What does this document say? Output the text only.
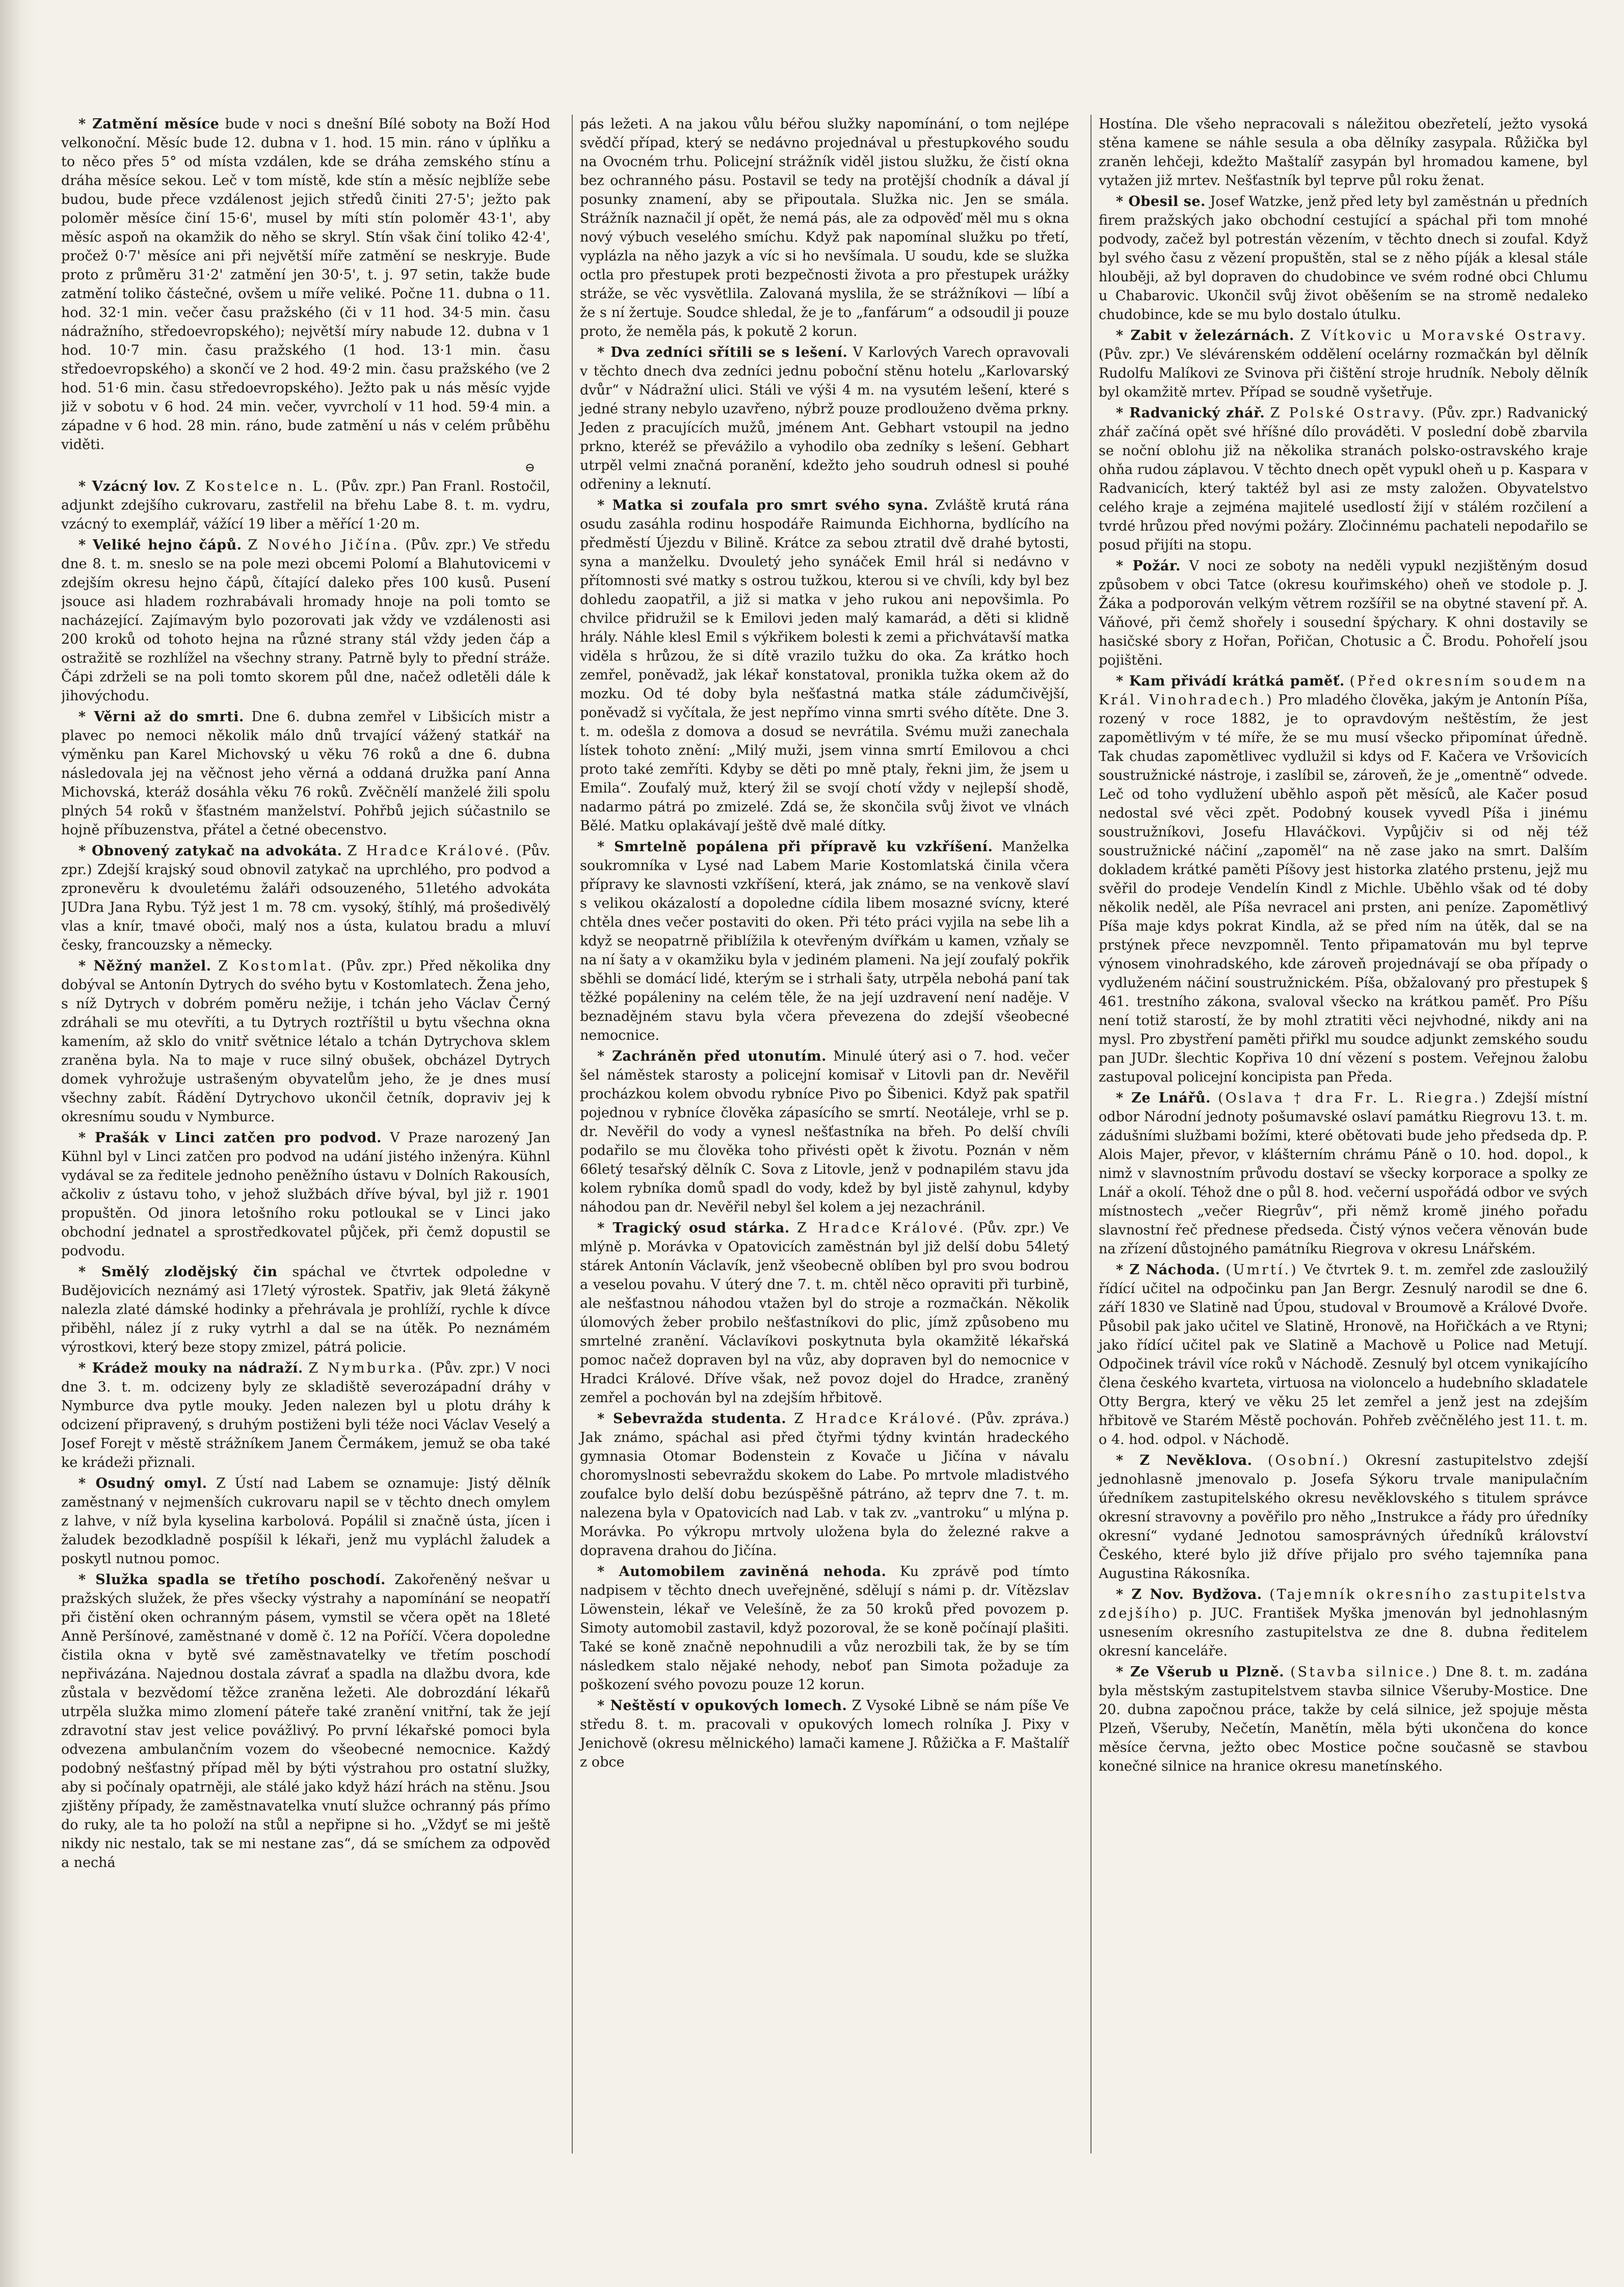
* Zatmění měsíce bude v noci s dnešní Bílé soboty na Boží Hod velkonoční. Měsíc bude 12. dubna v 1. hod. 15 min. ráno v úplňku a to něco přes 5° od místa vzdálen, kde se dráha zemského stínu a dráha měsíce sekou. Leč v tom místě, kde stín a měsíc nejblíže sebe budou, bude přece vzdálenost jejich středů činiti 27·5'; ježto pak poloměr měsíce činí 15·6', musel by míti stín poloměr 43·1', aby měsíc aspoň na okamžik do něho se skryl. Stín však činí toliko 42·4', pročež 0·7' měsíce ani při největší míře zatmění se neskryje. Bude proto z průměru 31·2' zatmění jen 30·5', t. j. 97 setin, takže bude zatmění toliko částečné, ovšem u míře veliké. Počne 11. dubna o 11. hod. 32·1 min. večer času pražského (či v 11 hod. 34·5 min. času nádražního, středoevropského); největší míry nabude 12. dubna v 1 hod. 10·7 min. času pražského (1 hod. 13·1 min. času středoevropského) a skončí ve 2 hod. 49·2 min. času pražského (ve 2 hod. 51·6 min. času středoevropského). Ježto pak u nás měsíc vyjde již v sobotu v 6 hod. 24 min. večer, vyvrcholí v 11 hod. 59·4 min. a západne v 6 hod. 28 min. ráno, bude zatmění u nás v celém průběhu viděti.

⊖

* Vzácný lov. Z Kostelce n. L. (Pův. zpr.) Pan Franl. Rostočil, adjunkt zdejšího cukrovaru, zastřelil na břehu Labe 8. t. m. vydru, vzácný to exemplář, vážící 19 liber a měřící 1·20 m.

* Veliké hejno čápů. Z Nového Jičína. (Pův. zpr.) Ve středu dne 8. t. m. sneslo se na pole mezi obcemi Polomí a Blahutovicemi v zdejším okresu hejno čápů, čítající daleko přes 100 kusů. Pusení jsouce asi hladem rozhrabávali hromady hnoje na poli tomto se nacházející. Zajímavým bylo pozorovati jak vždy ve vzdálenosti asi 200 kroků od tohoto hejna na různé strany stál vždy jeden čáp a ostražitě se rozhlížel na všechny strany. Patrně byly to přední stráže. Čápi zdrželi se na poli tomto skorem půl dne, načež odletěli dále k jihovýchodu.

* Věrni až do smrti. Dne 6. dubna zemřel v Libšicích mistr a plavec po nemoci několik málo dnů trvající vážený statkář na výměnku pan Karel Michovský u věku 76 roků a dne 6. dubna následovala jej na věčnost jeho věrná a oddaná družka paní Anna Michovská, kteráž dosáhla věku 76 roků. Zvěčnělí manželé žili spolu plných 54 roků v šťastném manželství. Pohřbů jejich súčastnilo se hojně příbuzenstva, přátel a četné obecenstvo.

* Obnovený zatykač na advokáta. Z Hradce Králové. (Pův. zpr.) Zdejší krajský soud obnovil zatykač na uprchlého, pro podvod a zpronevěru k dvouletému žaláři odsouzeného, 51letého advokáta JUDra Jana Rybu. Týž jest 1 m. 78 cm. vysoký, štíhlý, má prošedivělý vlas a knír, tmavé oboči, malý nos a ústa, kulatou bradu a mluví česky, francouzsky a německy.

* Něžný manžel. Z Kostomlat. (Pův. zpr.) Před několika dny dobýval se Antonín Dytrych do svého bytu v Kostomlatech. Žena jeho, s níž Dytrych v dobrém poměru nežije, i tchán jeho Václav Černý zdráhali se mu otevříti, a tu Dytrych roztříštil u bytu všechna okna kamením, až sklo do vnitř světnice létalo a tchán Dytrychova sklem zraněna byla. Na to maje v ruce silný obušek, obcházel Dytrych domek vyhrožuje ustrašeným obyvatelům jeho, že je dnes musí všechny zabít. Řádění Dytrychovo ukončil četník, dopraviv jej k okresnímu soudu v Nymburce.

* Prašák v Linci zatčen pro podvod. V Praze narozený Jan Kühnl byl v Linci zatčen pro podvod na udání jistého inženýra. Kühnl vydával se za ředitele jednoho peněžního ústavu v Dolních Rakousích, ačkoliv z ústavu toho, v jehož službách dříve býval, byl již r. 1901 propuštěn. Od jinora letošního roku potloukal se v Linci jako obchodní jednatel a sprostředkovatel půjček, při čemž dopustil se podvodu.

* Smělý zlodějský čin spáchal ve čtvrtek odpoledne v Budějovicích neznámý asi 17letý výrostek. Spatřiv, jak 9letá žákyně nalezla zlaté dámské hodinky a přehrávala je prohlíží, rychle k dívce přiběhl, nález jí z ruky vytrhl a dal se na útěk. Po neznámém výrostkovi, který beze stopy zmizel, pátrá policie.

* Krádež mouky na nádraží. Z Nymburka. (Pův. zpr.) V noci dne 3. t. m. odcizeny byly ze skladiště severozápadní dráhy v Nymburce dva pytle mouky. Jeden nalezen byl u plotu dráhy k odcizení připravený, s druhým postiženi byli téže noci Václav Veselý a Josef Forejt v městě strážníkem Janem Čermákem, jemuž se oba také ke krádeži přiznali.

* Osudný omyl. Z Ústí nad Labem se oznamuje: Jistý dělník zaměstnaný v nejmenších cukrovaru napil se v těchto dnech omylem z lahve, v níž byla kyselina karbolová. Popálil si značně ústa, jícen i žaludek bezodkladně pospíšil k lékaři, jenž mu vypláchl žaludek a poskytl nutnou pomoc.

* Služka spadla se třetího poschodí. Zakořeněný nešvar u pražských služek, že přes všecky výstrahy a napomínání se neopatří při čistění oken ochranným pásem, vymstil se včera opět na 18leté Anně Peršínové, zaměstnané v domě č. 12 na Poříčí. Včera dopoledne čistila okna v bytě své zaměstnavatelky ve třetím poschodí nepřivázána. Najednou dostala závrať a spadla na dlažbu dvora, kde zůstala v bezvědomí těžce zraněna ležeti. Ale dobrozdání lékařů utrpěla služka mimo zlomení páteře také zranění vnitřní, tak že její zdravotní stav jest velice povážlivý. Po první lékařské pomoci byla odvezena ambulančním vozem do všeobecné nemocnice. Každý podobný nešťastný případ měl by býti výstrahou pro ostatní služky, aby si počínaly opatrněji, ale stálé jako když hází hrách na stěnu. Jsou zjištěny případy, že zaměstnavatelka vnutí služce ochranný pás přímo do ruky, ale ta ho položí na stůl a nepřipne si ho. „Vždyť se mi ještě nikdy nic nestalo, tak se mi nestane zas“, dá se smíchem za odpověď a nechá

pás ležeti. A na jakou vůlu béřou služky napomínání, o tom nejlépe svědčí případ, který se nedávno projednával u přestupkového soudu na Ovocném trhu. Policejní strážník viděl jistou služku, že čistí okna bez ochranného pásu. Postavil se tedy na protější chodník a dával jí posunky znamení, aby se připoutala. Služka nic. Jen se smála. Strážník naznačil jí opět, že nemá pás, ale za odpověď měl mu s okna nový výbuch veselého smíchu. Když pak napomínal služku po třetí, vyplázla na něho jazyk a víc si ho nevšímala. U soudu, kde se služka octla pro přestupek proti bezpečnosti života a pro přestupek urážky stráže, se věc vysvětlila. Zalovaná myslila, že se strážníkovi — líbí a že s ní žertuje. Soudce shledal, že je to „fanfárum“ a odsoudil ji pouze proto, že neměla pás, k pokutě 2 korun.

* Dva zedníci sřítili se s lešení. V Karlových Varech opravovali v těchto dnech dva zedníci jednu poboční stěnu hotelu „Karlovarský dvůr“ v Nádražní ulici. Stáli ve výši 4 m. na vysutém lešení, které s jedné strany nebylo uzavřeno, nýbrž pouze prodlouženo dvěma prkny. Jeden z pracujících mužů, jménem Ant. Gebhart vstoupil na jedno prkno, kteréž se převážilo a vyhodilo oba zedníky s lešení. Gebhart utrpěl velmi značná poranění, kdežto jeho soudruh odnesl si pouhé odřeniny a leknutí.

* Matka si zoufala pro smrt svého syna. Zvláště krutá rána osudu zasáhla rodinu hospodáře Raimunda Eichhorna, bydlícího na předměstí Újezdu v Bilině. Krátce za sebou ztratil dvě drahé bytosti, syna a manželku. Dvouletý jeho synáček Emil hrál si nedávno v přítomnosti své matky s ostrou tužkou, kterou si ve chvíli, kdy byl bez dohledu zaopatřil, a již si matka v jeho rukou ani nepovšimla. Po chvilce přidružil se k Emilovi jeden malý kamarád, a děti si klidně hrály. Náhle klesl Emil s výkřikem bolesti k zemi a přichvátavší matka viděla s hrůzou, že si dítě vrazilo tužku do oka. Za krátko hoch zemřel, poněvadž, jak lékař konstatoval, pronikla tužka okem až do mozku. Od té doby byla nešťastná matka stále zádumčivější, poněvadž si vyčítala, že jest nepřímo vinna smrti svého dítěte. Dne 3. t. m. odešla z domova a dosud se nevrátila. Svému muži zanechala lístek tohoto znění: „Milý muži, jsem vinna smrtí Emilovou a chci proto také zemříti. Kdyby se děti po mně ptaly, řekni jim, že jsem u Emila“. Zoufalý muž, který žil se svojí chotí vždy v nejlepší shodě, nadarmo pátrá po zmizelé. Zdá se, že skončila svůj život ve vlnách Bělé. Matku oplakávají ještě dvě malé dítky.

* Smrtelně popálena při přípravě ku vzkříšení. Manželka soukromníka v Lysé nad Labem Marie Kostomlatská činila včera přípravy ke slavnosti vzkříšení, která, jak známo, se na venkově slaví s velikou okázalostí a dopoledne cídila libem mosazné svícny, které chtěla dnes večer postaviti do oken. Při této práci vyjila na sebe lih a když se neopatrně přiblížila k otevřeným dvířkám u kamen, vzňaly se na ní šaty a v okamžiku byla v jediném plameni. Na její zoufalý pokřik sběhli se domácí lidé, kterým se i strhali šaty, utrpěla nebohá paní tak těžké popáleniny na celém těle, že na její uzdravení není naděje. V beznadějném stavu byla včera převezena do zdejší všeobecné nemocnice.

* Zachráněn před utonutím. Minulé úterý asi o 7. hod. večer šel náměstek starosty a policejní komisař v Litovli pan dr. Nevěřil procházkou kolem obvodu rybníce Pivo po Šibenici. Když pak spatřil pojednou v rybníce člověka zápasícího se smrtí. Neotáleje, vrhl se p. dr. Nevěřil do vody a vynesl nešťastníka na břeh. Po delší chvíli podařilo se mu člověka toho přivésti opět k životu. Poznán v něm 66letý tesařský dělník C. Sova z Litovle, jenž v podnapilém stavu jda kolem rybníka domů spadl do vody, kdež by byl jistě zahynul, kdyby náhodou pan dr. Nevěřil nebyl šel kolem a jej nezachránil.

* Tragický osud stárka. Z Hradce Králové. (Pův. zpr.) Ve mlýně p. Morávka v Opatovicích zaměstnán byl již delší dobu 54letý stárek Antonín Václavík, jenž všeobecně oblíben byl pro svou bodrou a veselou povahu. V úterý dne 7. t. m. chtěl něco opraviti při turbině, ale nešťastnou náhodou vtažen byl do stroje a rozmačkán. Několik úlomových žeber probilo nešťastníkovi do plic, jímž způsobeno mu smrtelné zranění. Václavíkovi poskytnuta byla okamžitě lékařská pomoc načež dopraven byl na vůz, aby dopraven byl do nemocnice v Hradci Králové. Dříve však, než povoz dojel do Hradce, zraněný zemřel a pochován byl na zdejším hřbitově.

* Sebevražda studenta. Z Hradce Králové. (Pův. zpráva.) Jak známo, spáchal asi před čtyřmi týdny kvintán hradeckého gymnasia Otomar Bodenstein z Kovače u Jičína v návalu choromyslnosti sebevraždu skokem do Labe. Po mrtvole mladistvého zoufalce bylo delší dobu bezúspěšně pátráno, až teprv dne 7. t. m. nalezena byla v Opatovicích nad Lab. v tak zv. „vantroku“ u mlýna p. Morávka. Po výkropu mrtvoly uložena byla do železné rakve a dopravena drahou do Jičína.

* Automobilem zaviněná nehoda. Ku zprávě pod tímto nadpisem v těchto dnech uveřejněné, sdělují s námi p. dr. Vítězslav Löwenstein, lékař ve Velešíně, že za 50 kroků před povozem p. Simoty automobil zastavil, když pozoroval, že se koně počínají plašiti. Také se koně značně nepohnudili a vůz nerozbili tak, že by se tím následkem stalo nějaké nehody, neboť pan Simota požaduje za poškození svého povozu pouze 12 korun.

* Neštěstí v opukových lomech. Z Vysoké Libně se nám píše Ve středu 8. t. m. pracovali v opukových lomech rolníka J. Pixy v Jenichově (okresu mělnického) lamači kamene J. Růžička a F. Maštalíř z obce

Hostína. Dle všeho nepracovali s náležitou obezřetelí, ježto vysoká stěna kamene se náhle sesula a oba dělníky zasypala. Růžička byl zraněn lehčeji, kdežto Maštalíř zasypán byl hromadou kamene, byl vytažen již mrtev. Nešťastník byl teprve půl roku ženat.

* Obesil se. Josef Watzke, jenž před lety byl zaměstnán u předních firem pražských jako obchodní cestující a spáchal při tom mnohé podvody, začež byl potrestán vězením, v těchto dnech si zoufal. Když byl svého času z vězení propuštěn, stal se z něho píják a klesal stále hlouběji, až byl dopraven do chudobince ve svém rodné obci Chlumu u Chabarovic. Ukončil svůj život oběšením se na stromě nedaleko chudobince, kde se mu bylo dostalo útulku.

* Zabit v železárnách. Z Vítkovic u Moravské Ostravy. (Pův. zpr.) Ve slévárenském oddělení ocelárny rozmačkán byl dělník Rudolfu Malíkovi ze Svinova při čištění stroje hrudník. Neboly dělník byl okamžitě mrtev. Případ se soudně vyšetřuje.

* Radvanický zhář. Z Polské Ostravy. (Pův. zpr.) Radvanický zhář začíná opět své hříšné dílo prováděti. V poslední době zbarvila se noční oblohu již na několika stranách polsko-ostravského kraje ohňa rudou záplavou. V těchto dnech opět vypukl oheň u p. Kaspara v Radvanicích, který taktéž byl asi ze msty založen. Obyvatelstvo celého kraje a zejména majitelé usedlostí žijí v stálém rozčilení a tvrdé hrůzou před novými požáry. Zločinnému pachateli nepodařilo se posud přijíti na stopu.

* Požár. V noci ze soboty na neděli vypukl nezjištěným dosud způsobem v obci Tatce (okresu kouřimského) oheň ve stodole p. J. Žáka a podporován velkým větrem rozšířil se na obytné stavení př. A. Váňové, při čemž shořely i sousední špýchary. K ohni dostavily se hasičské sbory z Hořan, Pořičan, Chotusic a Č. Brodu. Pohořelí jsou pojištěni.

* Kam přivádí krátká paměť. (Před okresním soudem na Král. Vinohradech.) Pro mladého člověka, jakým je Antonín Píša, rozený v roce 1882, je to opravdovým neštěstím, že jest zapomětlivým v té míře, že se mu musí všecko připomínat úředně. Tak chudas zapomětlivec vydlužil si kdys od F. Kačera ve Vršovicích soustružnické nástroje, i zaslíbil se, zároveň, že je „omentně“ odvede. Leč od toho vydlužení uběhlo aspoň pět měsíců, ale Kačer posud nedostal své věci zpět. Podobný kousek vyvedl Píša i jinému soustružníkovi, Josefu Hlaváčkovi. Vypůjčiv si od něj též soustružnické náčiní „zapoměl“ na ně zase jako na smrt. Dalším dokladem krátké paměti Píšovy jest historka zlatého prstenu, jejž mu svěřil do prodeje Vendelín Kindl z Michle. Uběhlo však od té doby několik neděl, ale Píša nevracel ani prsten, ani peníze. Zapomětlivý Píša maje kdys pokrat Kindla, až se před ním na útěk, dal se na prstýnek přece nevzpomněl. Tento připamatován mu byl teprve výnosem vinohradského, kde zároveň projednávají se oba případy o vydluženém náčiní soustružnickém. Píša, obžalovaný pro přestupek § 461. trestního zákona, svaloval všecko na krátkou paměť. Pro Píšu není totiž starostí, že by mohl ztratiti věci nejvhodné, nikdy ani na mysl. Pro zbystření paměti přiřkl mu soudce adjunkt zemského soudu pan JUDr. šlechtic Kopřiva 10 dní vězení s postem. Veřejnou žalobu zastupoval policejní koncipista pan Předa.

* Ze Lnářů. (Oslava † dra Fr. L. Riegra.) Zdejší místní odbor Národní jednoty pošumavské oslaví památku Riegrovu 13. t. m. zádušními službami božími, které obětovati bude jeho předseda dp. P. Alois Majer, převor, v klášterním chrámu Páně o 10. hod. dopol., k nimž v slavnostním průvodu dostaví se všecky korporace a spolky ze Lnář a okolí. Téhož dne o půl 8. hod. večerní uspořádá odbor ve svých místnostech „večer Riegrův“, při němž kromě jiného pořadu slavnostní řeč přednese předseda. Čistý výnos večera věnován bude na zřízení důstojného památníku Riegrova v okresu Lnářském.

* Z Náchoda. (Umrtí.) Ve čtvrtek 9. t. m. zemřel zde zasloužilý řídící učitel na odpočinku pan Jan Bergr. Zesnulý narodil se dne 6. září 1830 ve Slatině nad Úpou, studoval v Broumově a Králové Dvoře. Působil pak jako učitel ve Slatině, Hronově, na Hořičkách a ve Rtyni; jako řídící učitel pak ve Slatině a Machově u Police nad Metují. Odpočinek trávil více roků v Náchodě. Zesnulý byl otcem vynikajícího člena českého kvarteta, virtuosa na violoncelo a hudebního skladatele Otty Bergra, který ve věku 25 let zemřel a jenž jest na zdejším hřbitově ve Starém Městě pochován. Pohřeb zvěčnělého jest 11. t. m. o 4. hod. odpol. v Náchodě.

* Z Nevěklova. (Osobní.) Okresní zastupitelstvo zdejší jednohlasně jmenovalo p. Josefa Sýkoru trvale manipulačním úředníkem zastupitelského okresu nevěklovského s titulem správce okresní stravovny a pověřilo pro něho „Instrukce a řády pro úředníky okresní“ vydané Jednotou samosprávných úředníků království Českého, které bylo již dříve přijalo pro svého tajemníka pana Augustina Rákosníka.

* Z Nov. Bydžova. (Tajemník okresního zastupitelstva zdejšího) p. JUC. František Myška jmenován byl jednohlasným usnesením okresního zastupitelstva ze dne 8. dubna ředitelem okresní kanceláře.

* Ze Všerub u Plzně. (Stavba silnice.) Dne 8. t. m. zadána byla městským zastupitelstvem stavba silnice Všeruby-Mostice. Dne 20. dubna započnou práce, takže by celá silnice, jež spojuje města Plzeň, Všeruby, Nečetín, Manětín, měla býti ukončena do konce měsíce června, ježto obec Mostice počne současně se stavbou konečné silnice na hranice okresu manetínského.
